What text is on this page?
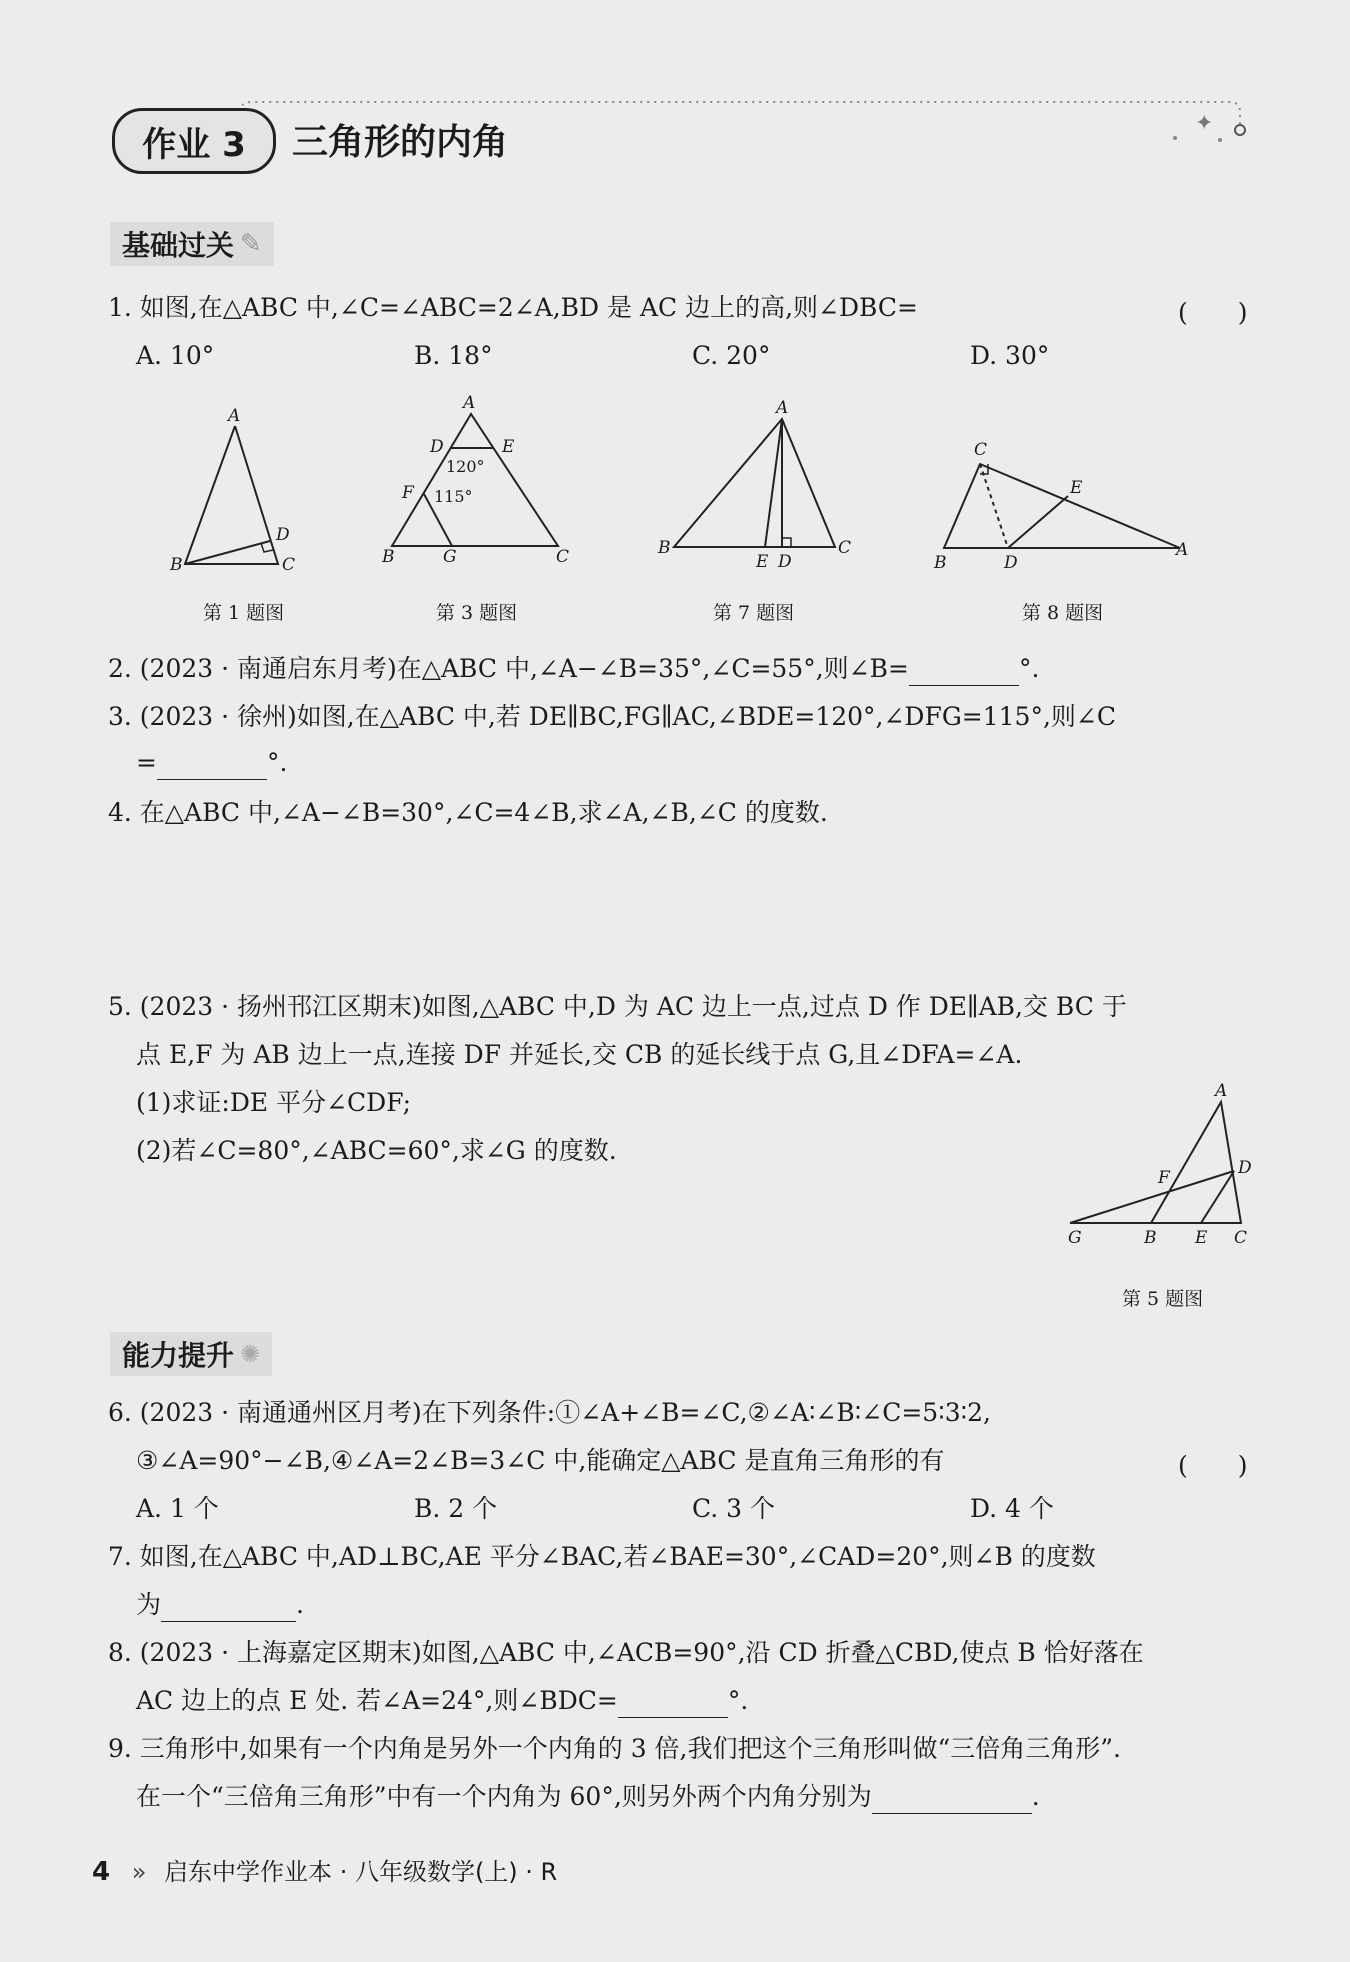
✦
作业 3	三角形的内角
基础过关 ✎
1. 如图,在△ABC 中,∠C=∠ABC=2∠A,BD 是 AC 边上的高,则∠DBC=	(　　)
A. 10°	B. 18°	C. 20°	D. 30°
A
B	C
D
第 1 题图
A
D	E
120°
F 115°
B	G	C
第 3 题图
A
B	C
E D
第 7 题图
C
E
B	D
A
第 8 题图
2. (2023 · 南通启东月考)在△ABC 中,∠A−∠B=35°,∠C=55°,则∠B=	°.
3. (2023 · 徐州)如图,在△ABC 中,若 DE∥BC,FG∥AC,∠BDE=120°,∠DFG=115°,则∠C
=	°.
4. 在△ABC 中,∠A−∠B=30°,∠C=4∠B,求∠A,∠B,∠C 的度数.
5. (2023 · 扬州邗江区期末)如图,△ABC 中,D 为 AC 边上一点,过点 D 作 DE∥AB,交 BC 于
点 E,F 为 AB 边上一点,连接 DF 并延长,交 CB 的延长线于点 G,且∠DFA=∠A.
(1)求证:DE 平分∠CDF;
(2)若∠C=80°,∠ABC=60°,求∠G 的度数.
A
D
F
G	B E C
第 5 题图
能力提升 ✺
6. (2023 · 南通通州区月考)在下列条件:①∠A+∠B=∠C,②∠A∶∠B∶∠C=5∶3∶2,
③∠A=90°−∠B,④∠A=2∠B=3∠C 中,能确定△ABC 是直角三角形的有	(　　)
A. 1 个	B. 2 个	C. 3 个	D. 4 个
7. 如图,在△ABC 中,AD⊥BC,AE 平分∠BAC,若∠BAE=30°,∠CAD=20°,则∠B 的度数
为	.
8. (2023 · 上海嘉定区期末)如图,△ABC 中,∠ACB=90°,沿 CD 折叠△CBD,使点 B 恰好落在
AC 边上的点 E 处. 若∠A=24°,则∠BDC=	°.
9. 三角形中,如果有一个内角是另外一个内角的 3 倍,我们把这个三角形叫做“三倍角三角形”.
在一个“三倍角三角形”中有一个内角为 60°,则另外两个内角分别为	.
4 » 启东中学作业本 · 八年级数学(上) · R
